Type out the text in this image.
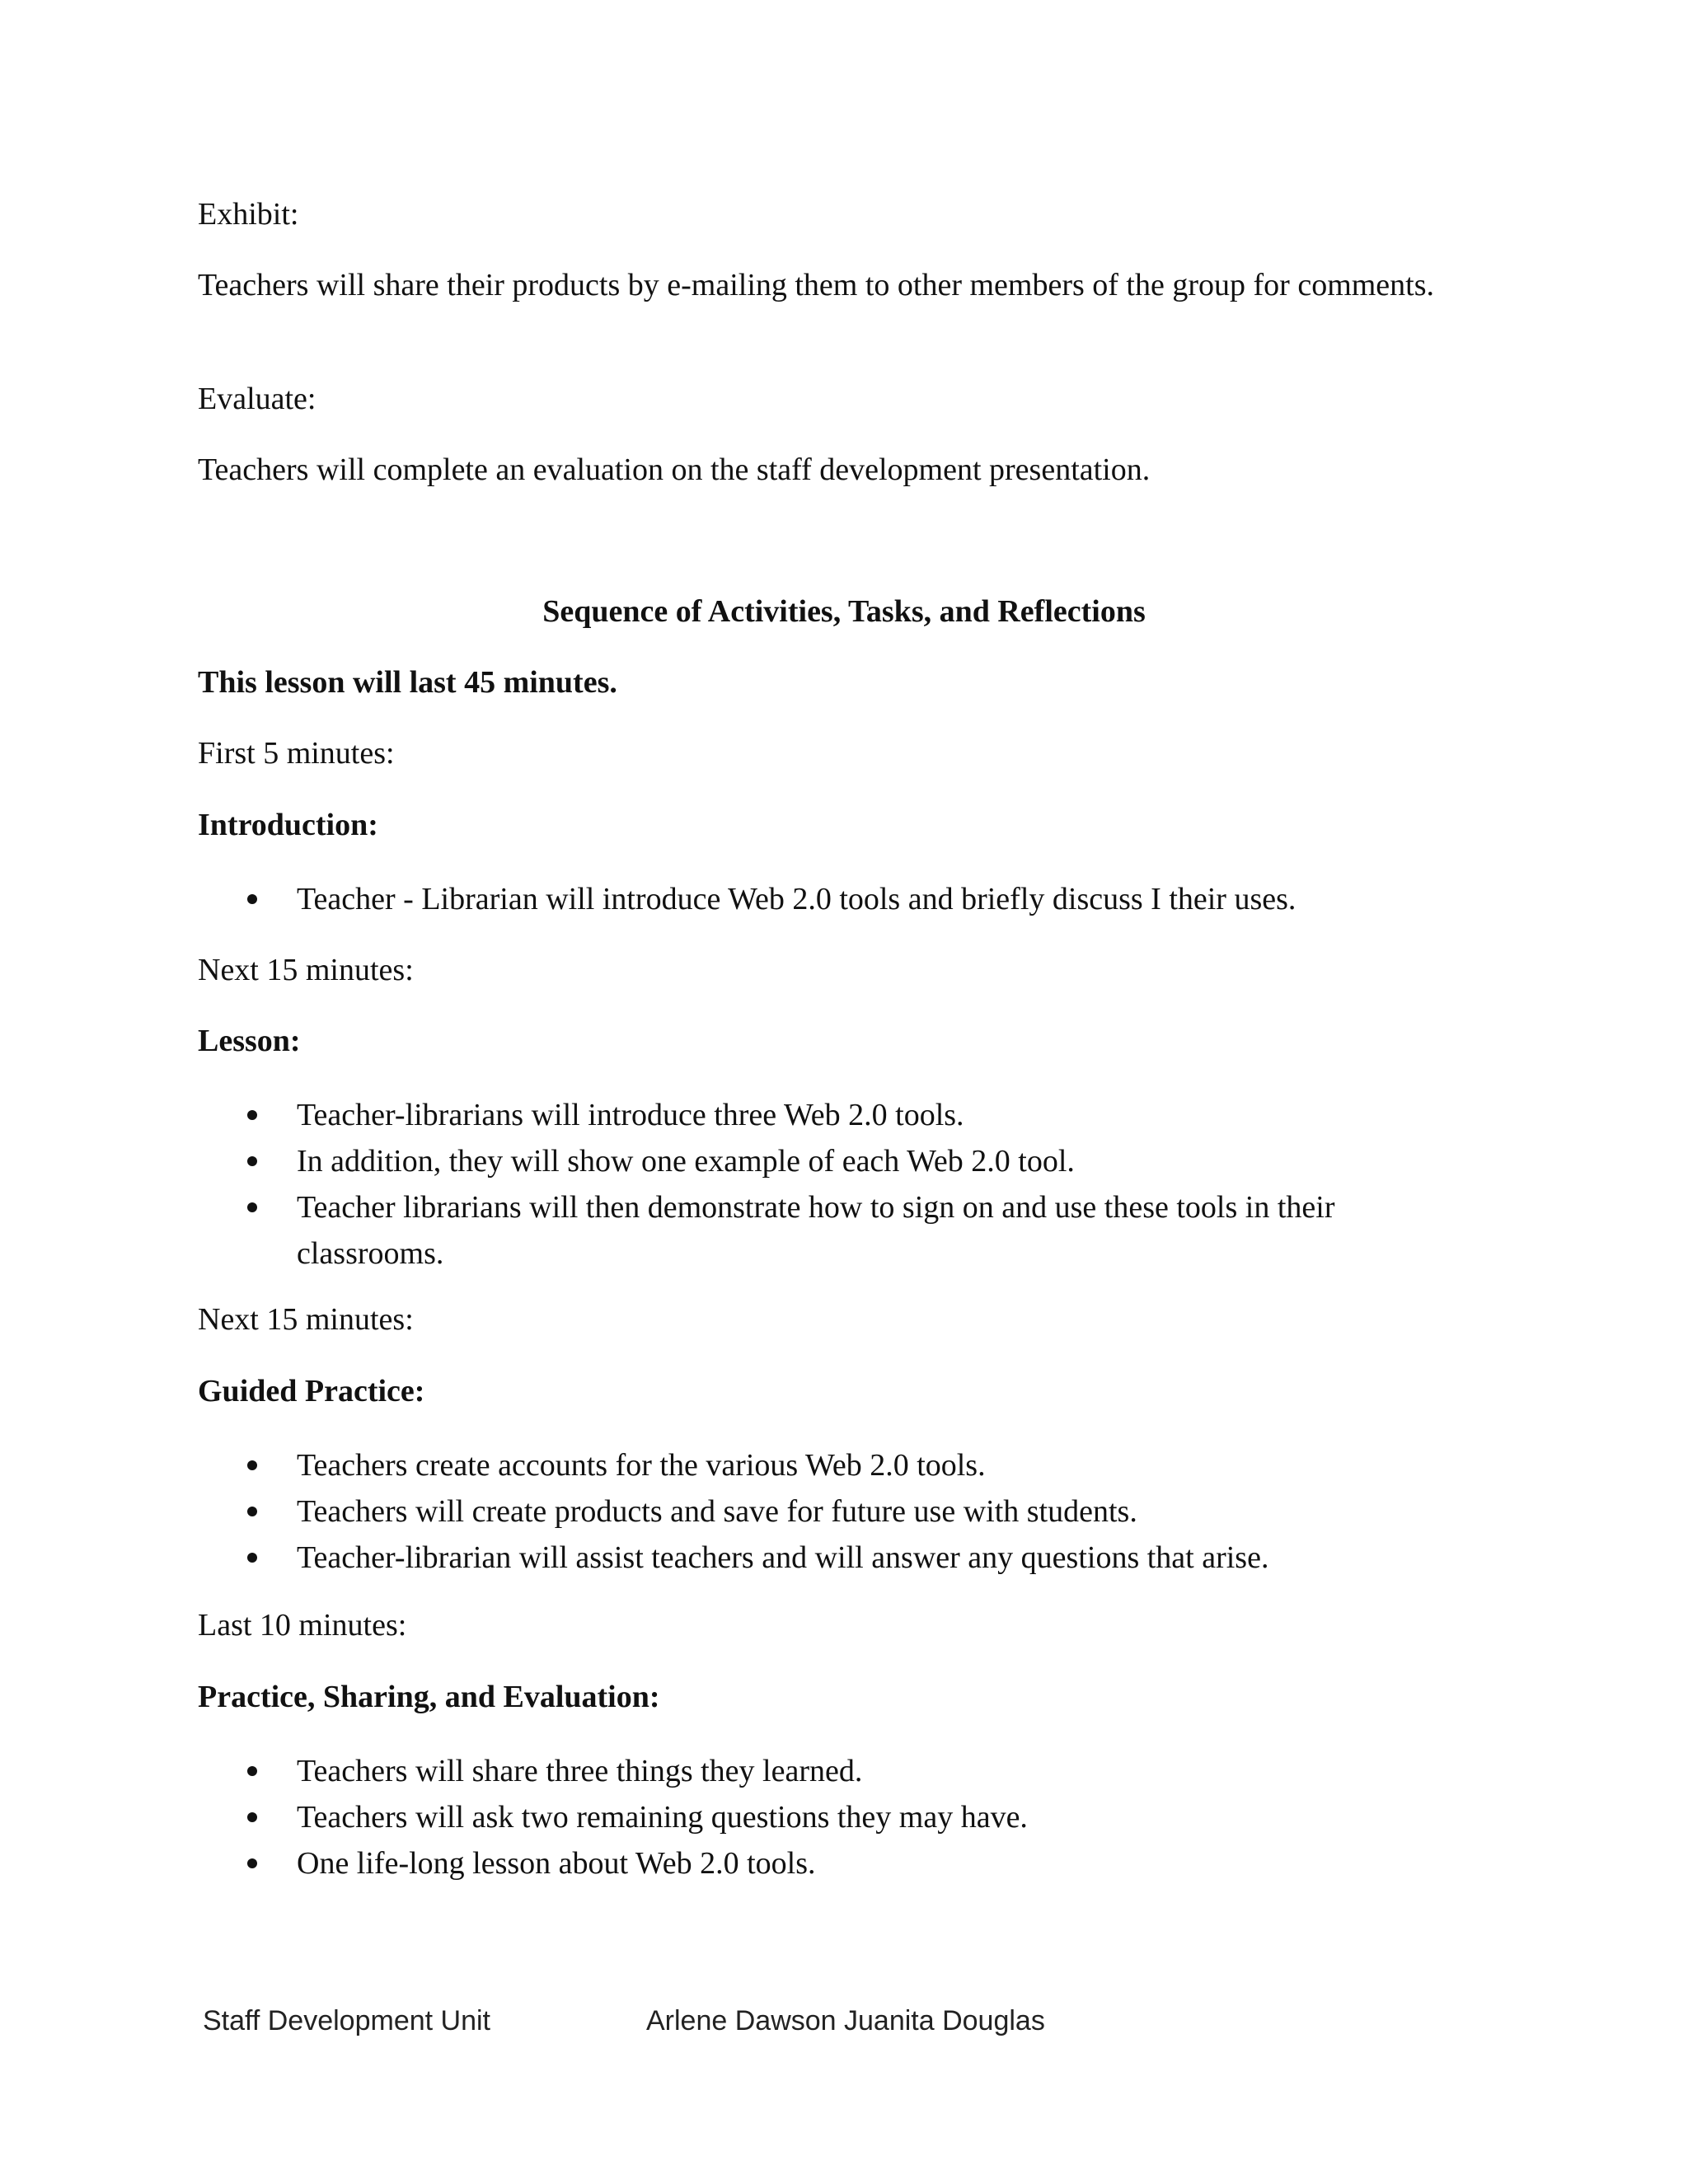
Exhibit:

Teachers will share their products by e-mailing them to other members of the group for comments.

Evaluate:

Teachers will complete an evaluation on the staff development presentation.

Sequence of Activities, Tasks, and Reflections

This lesson will last 45 minutes.

First 5 minutes:

Introduction:

Teacher - Librarian will introduce Web 2.0 tools and briefly discuss I their uses.

Next 15 minutes:

Lesson:

Teacher-librarians will introduce three Web 2.0 tools.
In addition, they will show one example of each Web 2.0 tool.
Teacher librarians will then demonstrate how to sign on and use these tools in their classrooms.

Next 15 minutes:

Guided Practice:

Teachers create accounts for the various Web 2.0 tools.
Teachers will create products and save for future use with students.
Teacher-librarian will assist teachers and will answer any questions that arise.

Last 10 minutes:

Practice, Sharing, and Evaluation:

Teachers will share three things they learned.
Teachers will ask two remaining questions they may have.
One life-long lesson about Web 2.0 tools.

Staff Development Unit	Arlene Dawson Juanita Douglas
